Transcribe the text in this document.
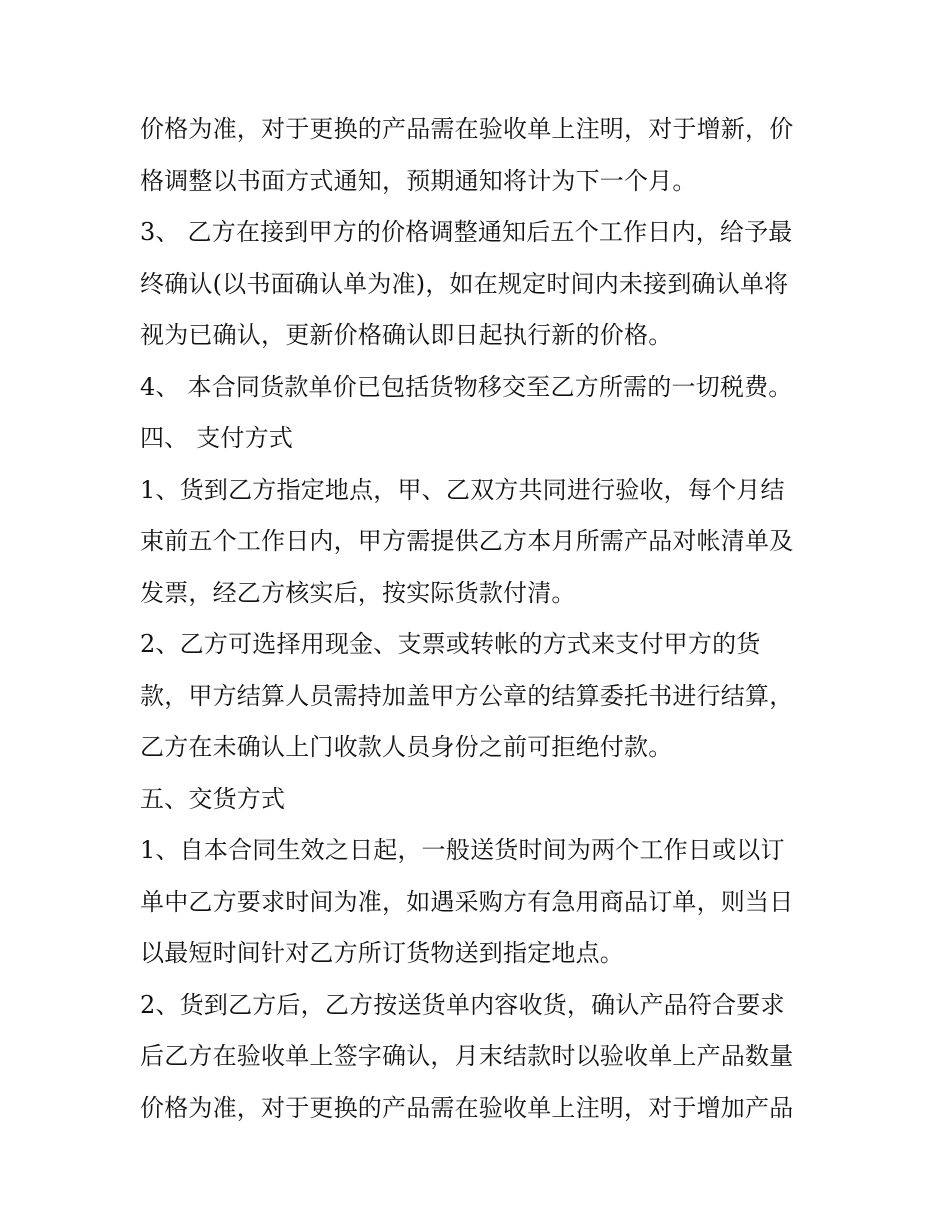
价格为准，对于更换的产品需在验收单上注明，对于增新，价
格调整以书面方式通知，预期通知将计为下一个月。
3、 乙方在接到甲方的价格调整通知后五个工作日内，给予最
终确认(以书面确认单为准)，如在规定时间内未接到确认单将
视为已确认，更新价格确认即日起执行新的价格。
4、 本合同货款单价已包括货物移交至乙方所需的一切税费。
四、 支付方式
1、货到乙方指定地点，甲、乙双方共同进行验收，每个月结
束前五个工作日内，甲方需提供乙方本月所需产品对帐清单及
发票，经乙方核实后，按实际货款付清。
2、乙方可选择用现金、支票或转帐的方式来支付甲方的货
款，甲方结算人员需持加盖甲方公章的结算委托书进行结算，
乙方在未确认上门收款人员身份之前可拒绝付款。
五、交货方式
1、自本合同生效之日起，一般送货时间为两个工作日或以订
单中乙方要求时间为准，如遇采购方有急用商品订单，则当日
以最短时间针对乙方所订货物送到指定地点。
2、货到乙方后，乙方按送货单内容收货，确认产品符合要求
后乙方在验收单上签字确认，月末结款时以验收单上产品数量
价格为准，对于更换的产品需在验收单上注明，对于增加产品
